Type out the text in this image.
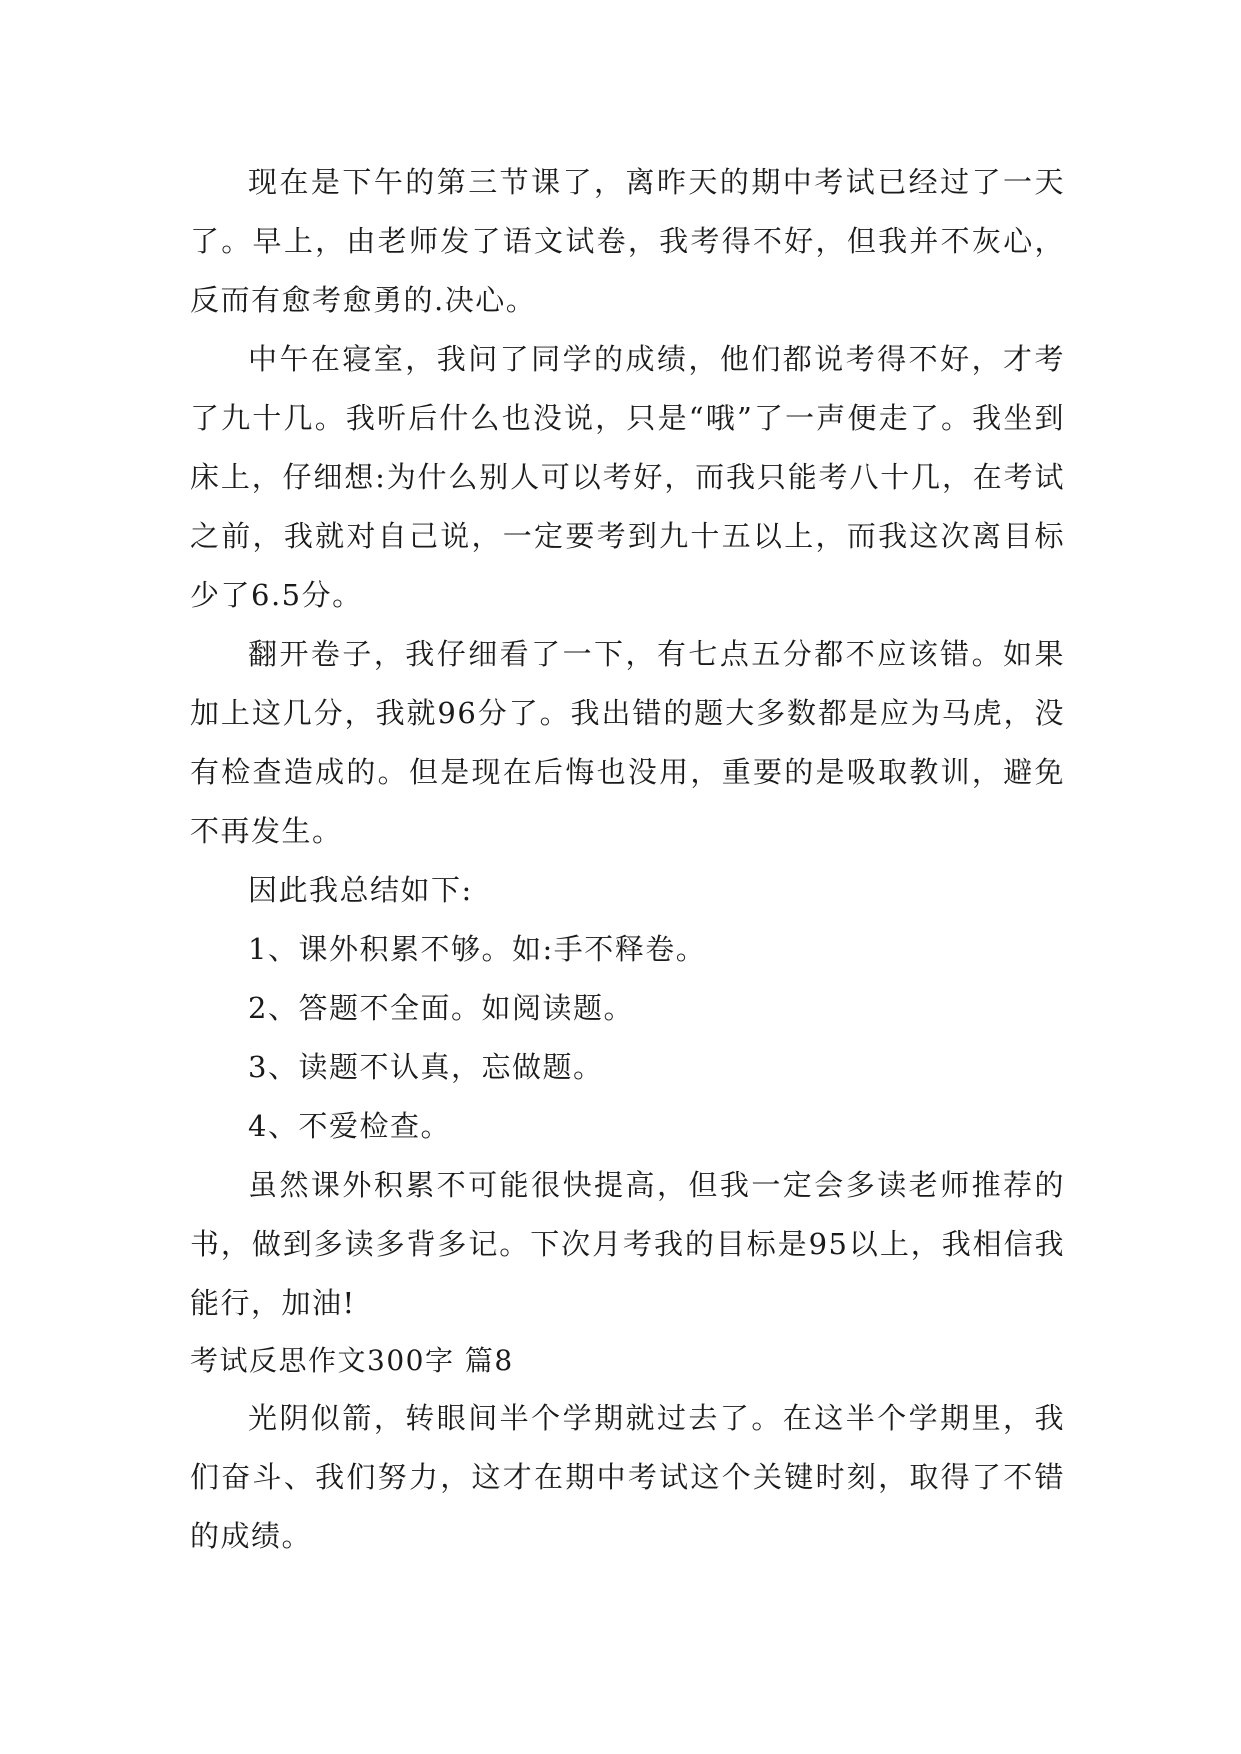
现在是下午的第三节课了，离昨天的期中考试已经过了一天了。早上，由老师发了语文试卷，我考得不好，但我并不灰心，反而有愈考愈勇的.决心。

中午在寝室，我问了同学的成绩，他们都说考得不好，才考了九十几。我听后什么也没说，只是“哦”了一声便走了。我坐到床上，仔细想:为什么别人可以考好，而我只能考八十几，在考试之前，我就对自己说，一定要考到九十五以上，而我这次离目标少了6.5分。

翻开卷子，我仔细看了一下，有七点五分都不应该错。如果加上这几分，我就96分了。我出错的题大多数都是应为马虎，没有检查造成的。但是现在后悔也没用，重要的是吸取教训，避免不再发生。

因此我总结如下:

1、课外积累不够。如:手不释卷。

2、答题不全面。如阅读题。

3、读题不认真，忘做题。

4、不爱检查。

虽然课外积累不可能很快提高，但我一定会多读老师推荐的书，做到多读多背多记。下次月考我的目标是95以上，我相信我能行，加油!

考试反思作文300字 篇8

光阴似箭，转眼间半个学期就过去了。在这半个学期里，我们奋斗、我们努力，这才在期中考试这个关键时刻，取得了不错的成绩。
